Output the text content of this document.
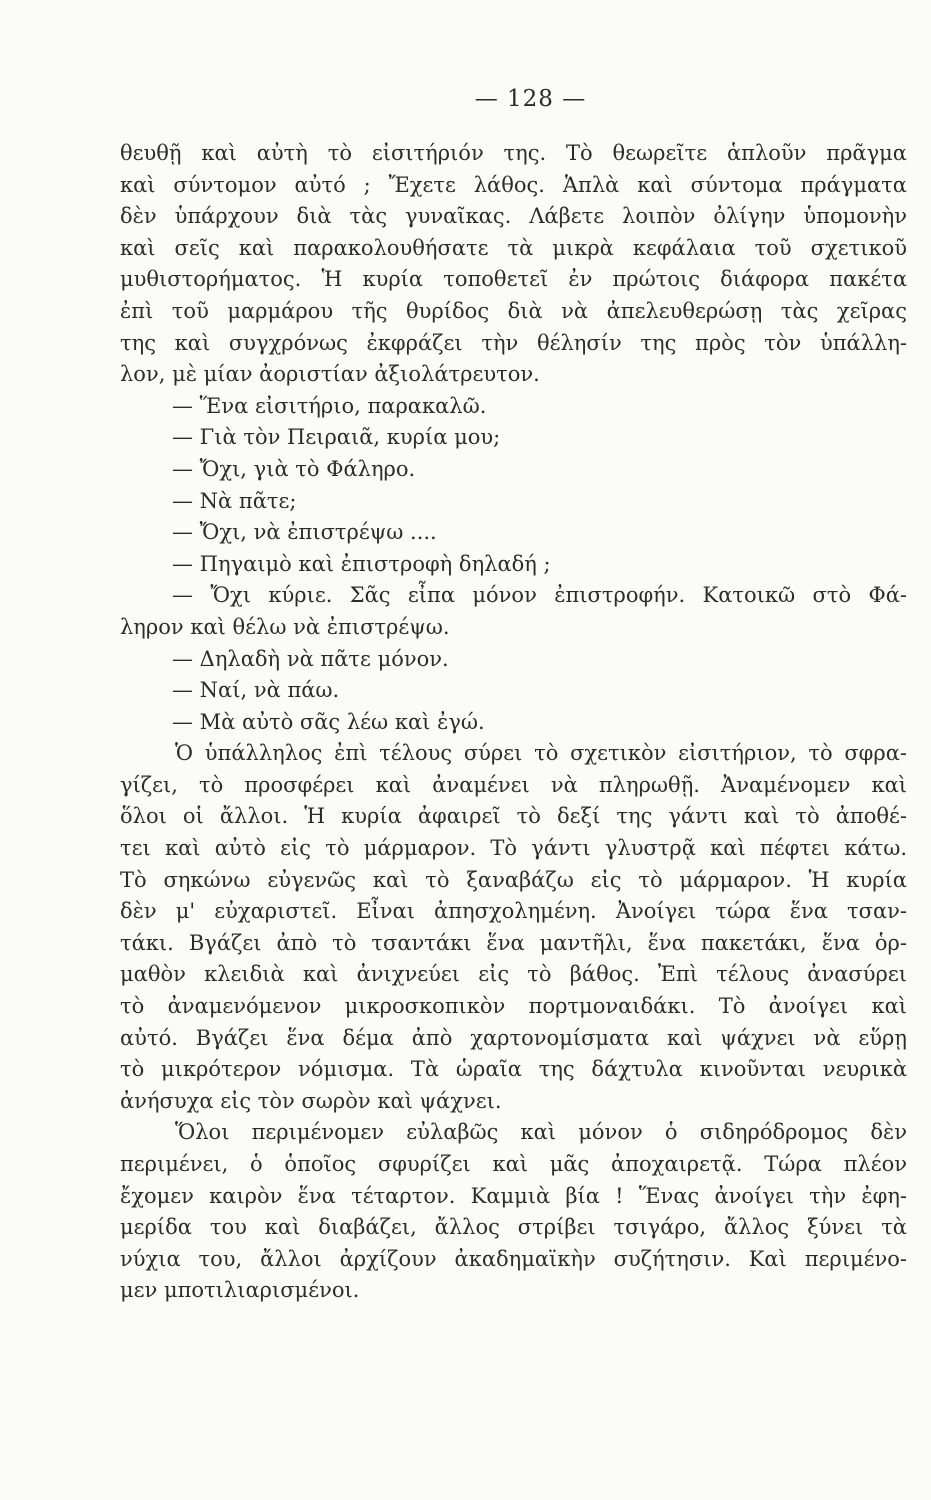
— 128 —
θευθῇ καὶ αὐτὴ τὸ εἰσιτήριόν της. Τὸ θεωρεῖτε ἁπλοῦν πρᾶγμα
καὶ σύντομον αὐτό ; Ἔχετε λάθος. Ἁπλὰ καὶ σύντομα πράγματα
δὲν ὑπάρχουν διὰ τὰς γυναῖκας. Λάβετε λοιπὸν ὀλίγην ὑπομονὴν
καὶ σεῖς καὶ παρακολουθήσατε τὰ μικρὰ κεφάλαια τοῦ σχετικοῦ
μυθιστορήματος. Ἡ κυρία τοποθετεῖ ἐν πρώτοις διάφορα πακέτα
ἐπὶ τοῦ μαρμάρου τῆς θυρίδος διὰ νὰ ἀπελευθερώσῃ τὰς χεῖρας
της καὶ συγχρόνως ἐκφράζει τὴν θέλησίν της πρὸς τὸν ὑπάλλη-
λον, μὲ μίαν ἀοριστίαν ἀξιολάτρευτον.
— Ἕνα εἰσιτήριο, παρακαλῶ.
— Γιὰ τὸν Πειραιᾶ, κυρία μου;
— Ὄχι, γιὰ τὸ Φάληρο.
— Νὰ πᾶτε;
— Ὄχι, νὰ ἐπιστρέψω ....
— Πηγαιμὸ καὶ ἐπιστροφὴ δηλαδή ;
— Ὄχι κύριε. Σᾶς εἶπα μόνον ἐπιστροφήν. Κατοικῶ στὸ Φά-
ληρον καὶ θέλω νὰ ἐπιστρέψω.
— Δηλαδὴ νὰ πᾶτε μόνον.
— Ναί, νὰ πάω.
— Μὰ αὐτὸ σᾶς λέω καὶ ἐγώ.
Ὁ ὑπάλληλος ἐπὶ τέλους σύρει τὸ σχετικὸν εἰσιτήριον, τὸ σφρα-
γίζει, τὸ προσφέρει καὶ ἀναμένει νὰ πληρωθῇ. Ἀναμένομεν καὶ
ὅλοι οἱ ἄλλοι. Ἡ κυρία ἀφαιρεῖ τὸ δεξί της γάντι καὶ τὸ ἀποθέ-
τει καὶ αὐτὸ εἰς τὸ μάρμαρον. Τὸ γάντι γλυστρᾷ καὶ πέφτει κάτω.
Τὸ σηκώνω εὐγενῶς καὶ τὸ ξαναβάζω εἰς τὸ μάρμαρον. Ἡ κυρία
δὲν μ' εὐχαριστεῖ. Εἶναι ἀπησχολημένη. Ἀνοίγει τώρα ἕνα τσαν-
τάκι. Βγάζει ἀπὸ τὸ τσαντάκι ἕνα μαντῆλι, ἕνα πακετάκι, ἕνα ὁρ-
μαθὸν κλειδιὰ καὶ ἀνιχνεύει εἰς τὸ βάθος. Ἐπὶ τέλους ἀνασύρει
τὸ ἀναμενόμενον μικροσκοπικὸν πορτμοναιδάκι. Τὸ ἀνοίγει καὶ
αὐτό. Βγάζει ἕνα δέμα ἀπὸ χαρτονομίσματα καὶ ψάχνει νὰ εὕρῃ
τὸ μικρότερον νόμισμα. Τὰ ὡραῖα της δάχτυλα κινοῦνται νευρικὰ
ἀνήσυχα εἰς τὸν σωρὸν καὶ ψάχνει.
Ὅλοι περιμένομεν εὐλαβῶς καὶ μόνον ὁ σιδηρόδρομος δὲν
περιμένει, ὁ ὁποῖος σφυρίζει καὶ μᾶς ἀποχαιρετᾷ. Τώρα πλέον
ἔχομεν καιρὸν ἕνα τέταρτον. Καμμιὰ βία ! Ἕνας ἀνοίγει τὴν ἐφη-
μερίδα του καὶ διαβάζει, ἄλλος στρίβει τσιγάρο, ἄλλος ξύνει τὰ
νύχια του, ἄλλοι ἀρχίζουν ἀκαδημαϊκὴν συζήτησιν. Καὶ περιμένο-
μεν μποτιλιαρισμένοι.
